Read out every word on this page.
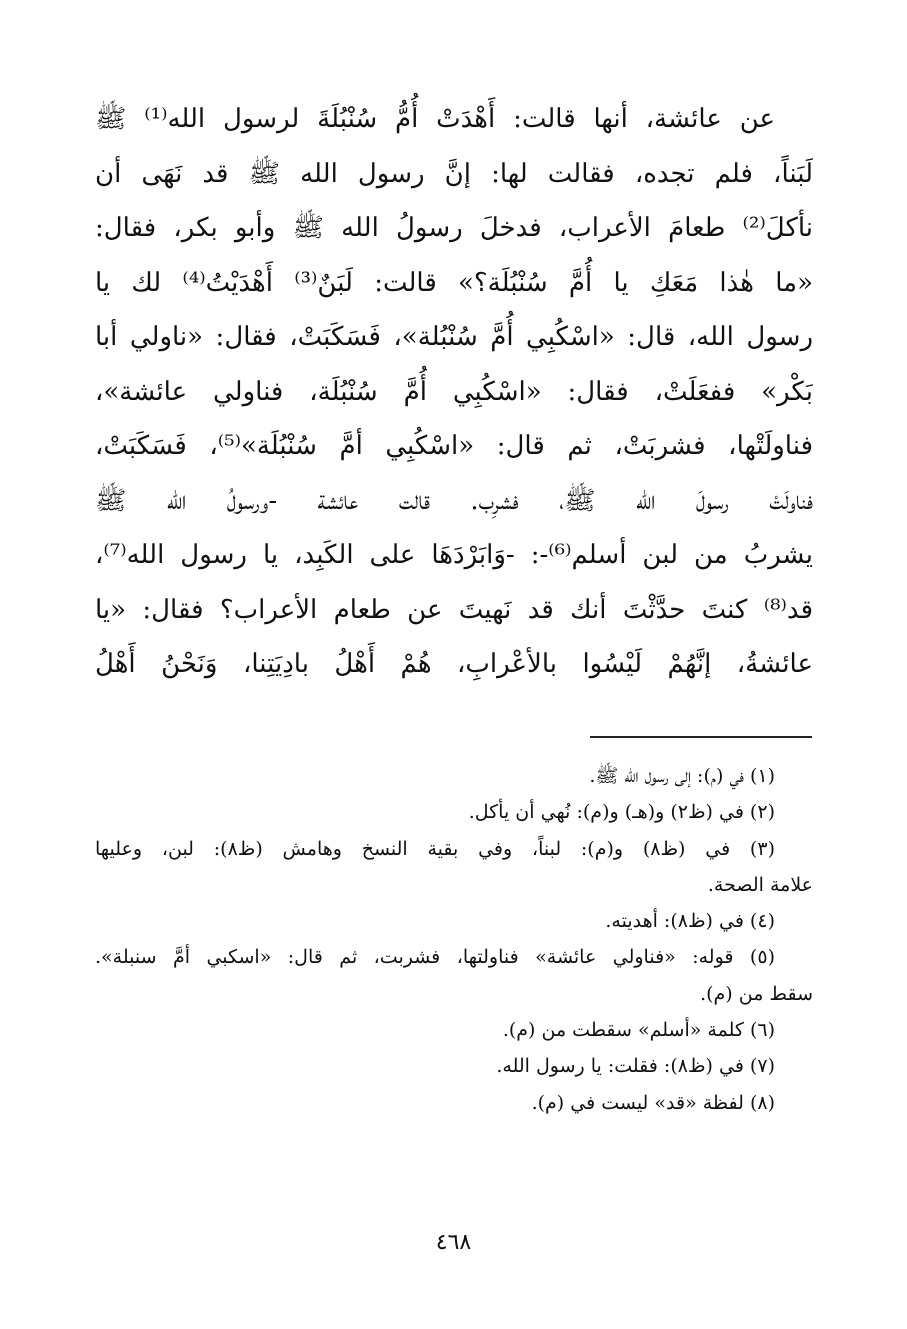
عن عائشة، أنها قالت: أَهْدَتْ أُمُّ سُنْبُلَةَ لرسول الله⁽¹⁾ ﷺ
لَبَناً، فلم تجده، فقالت لها: إنَّ رسول الله ﷺ قد نَهَى أن
نأكلَ⁽²⁾ طعامَ الأعراب، فدخلَ رسولُ الله ﷺ وأبو بكر، فقال:
«ما هٰذا مَعَكِ يا أُمَّ سُنْبُلَة؟» قالت: لَبَنٌ⁽³⁾ أَهْدَيْتُ⁽⁴⁾ لك يا
رسول الله، قال: «اسْكُبِي أُمَّ سُنْبُلة»، فَسَكَبَتْ، فقال: «ناولي أبا
بَكْر» ففعَلَتْ، فقال: «اسْكُبِي أُمَّ سُنْبُلَة، فناولي عائشة»،
فناولَتْها، فشربَتْ، ثم قال: «اسْكُبِي أمَّ سُنْبُلَة»⁽⁵⁾، فَسَكَبَتْ،
فناولَتْ رسولَ الله ﷺ، فشرِب. قالت عائشة -ورسولُ الله ﷺ
يشربُ من لبن أسلم⁽⁶⁾-: -وَابَرْدَهَا على الكَبِد، يا رسول الله⁽⁷⁾،
قد⁽⁸⁾ كنتَ حدَّثْتَ أنك قد نَهيتَ عن طعام الأعراب؟ فقال: «يا
عائشةُ، إنَّهُمْ لَيْسُوا بالأعْرابِ، هُمْ أَهْلُ بادِيَتِنا، وَنَحْنُ أَهْلُ
(١) في (م): إلى رسول الله ﷺ.
(٢) في (ظ٢) و(هـ) و(م): نُهي أن يأكل.
(٣) في (ظ٨) و(م): لبناً، وفي بقية النسخ وهامش (ظ٨): لبن، وعليها
علامة الصحة.
(٤) في (ظ٨): أهديته.
(٥) قوله: «فناولي عائشة» فناولتها، فشربت، ثم قال: «اسكبي أمَّ سنبلة».
سقط من (م).
(٦) كلمة «أسلم» سقطت من (م).
(٧) في (ظ٨): فقلت: يا رسول الله.
(٨) لفظة «قد» ليست في (م).
٤٦٨
